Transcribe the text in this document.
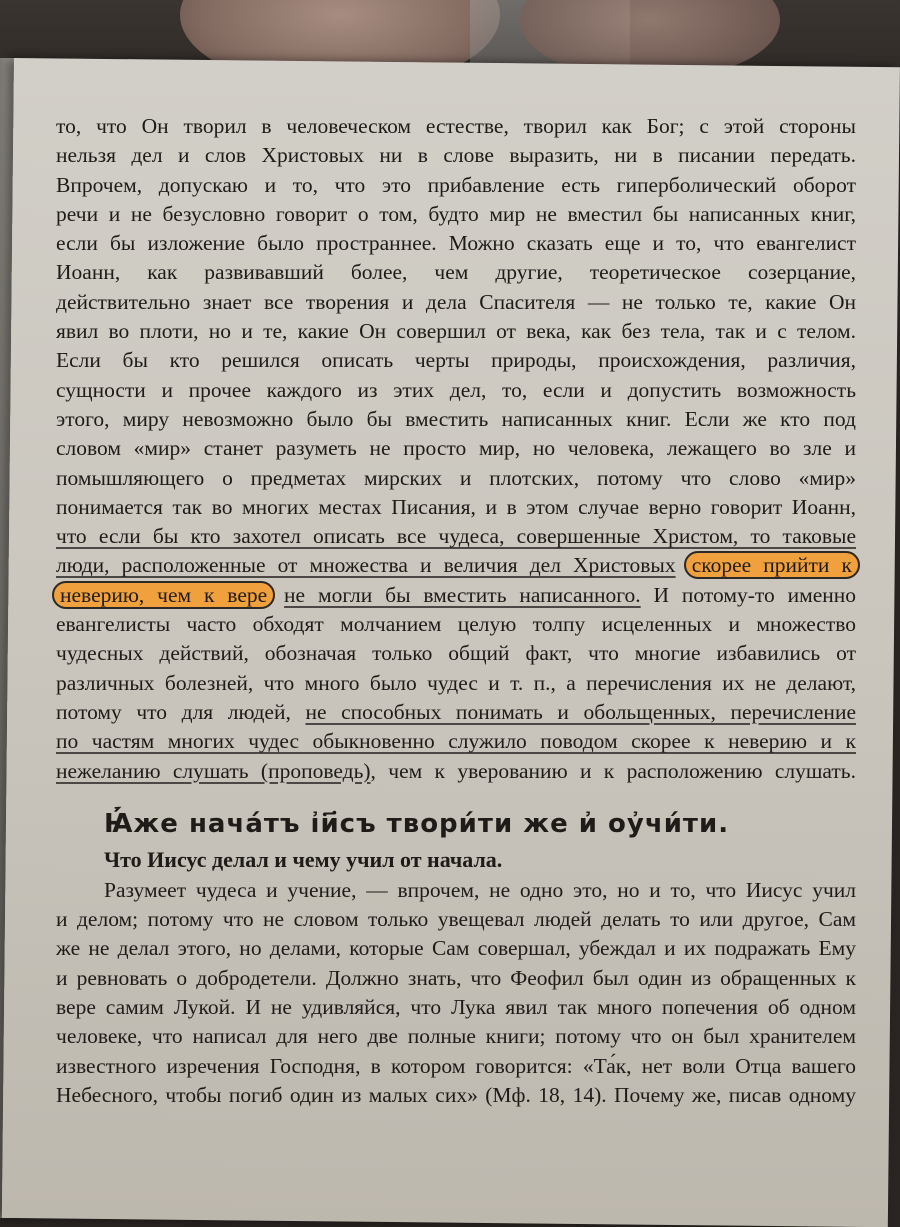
то, что Он творил в человеческом естестве, творил как Бог; с этой стороны
нельзя дел и слов Христовых ни в слове выразить, ни в писании передать.
Впрочем, допускаю и то, что это прибавление есть гиперболический оборот
речи и не безусловно говорит о том, будто мир не вместил бы написанных книг,
если бы изложение было пространнее. Можно сказать еще и то, что евангелист
Иоанн, как развивавший более, чем другие, теоретическое созерцание,
действительно знает все творения и дела Спасителя — не только те, какие Он
явил во плоти, но и те, какие Он совершил от века, как без тела, так и с телом.
Если бы кто решился описать черты природы, происхождения, различия,
сущности и прочее каждого из этих дел, то, если и допустить возможность
этого, миру невозможно было бы вместить написанных книг. Если же кто под
словом «мир» станет разуметь не просто мир, но человека, лежащего во зле и
помышляющего о предметах мирских и плотских, потому что слово «мир»
понимается так во многих местах Писания, и в этом случае верно говорит Иоанн,
что если бы кто захотел описать все чудеса, совершенные Христом, то таковые
люди, расположенные от множества и величия дел Христовых скорее прийти к
неверию, чем к вере не могли бы вместить написанного. И потому-то именно
евангелисты часто обходят молчанием целую толпу исцеленных и множество
чудесных действий, обозначая только общий факт, что многие избавились от
различных болезней, что много было чудес и т. п., а перечисления их не делают,
потому что для людей, не способных понимать и обольщенных, перечисление
по частям многих чудес обыкновенно служило поводом скорее к неверию и к
нежеланию слушать (проповедь), чем к уверованию и к расположению слушать.
Ꙗ҆́же нача́тъ і҆и҃съ твори́ти же и҆ оу҆чи́ти.
Что Иисус делал и чему учил от начала.
Разумеет чудеса и учение, — впрочем, не одно это, но и то, что Иисус учил
и делом; потому что не словом только увещевал людей делать то или другое, Сам
же не делал этого, но делами, которые Сам совершал, убеждал и их подражать Ему
и ревновать о добродетели. Должно знать, что Феофил был один из обращенных к
вере самим Лукой. И не удивляйся, что Лука явил так много попечения об одном
человеке, что написал для него две полные книги; потому что он был хранителем
известного изречения Господня, в котором говорится: «Та́к, нет воли Отца вашего
Небесного, чтобы погиб один из малых сих» (Мф. 18, 14). Почему же, писав одному
